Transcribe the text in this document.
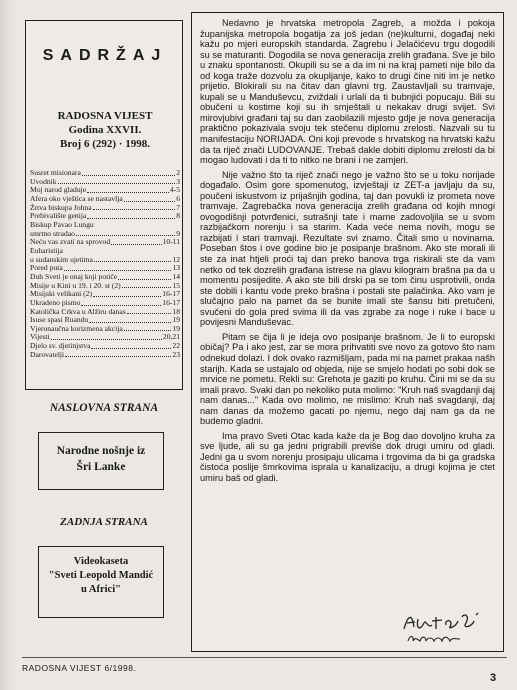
SADRŽAJ
RADOSNA VIJEST
Godina XXVII.
Broj 6 (292) · 1998.
Susret misionara	2
Uvodnik	3
Moj narod gladuje	4-5
Afera oko vještica se nastavlja	6
Žrtva biskupa Johna	7
Prebivalište genija	8
Biskup Pavao Lungu
smrtno stradao	9
Neću vas zvati na sprovod	10-11
Euharistija
u sudanskim ujetima	12
Pored puta	13
Duh Sveti je onaj koji potiče	14
Misije u Kini u 19. i 20. st (2)	15
Misijski velikani (2)	16-17
Ukradeno pismo	16-17
Katolička Crkva u Alžiru danas	18
Isuse spasi Ruandu	19
Vjeronaučna korizmena akcija	19
Vijesti	20,21
Djelo sv. djetinjstva	22
Darovatelji	23
NASLOVNA STRANA
Narodne nošnje iz
Šri Lanke
ZADNJA STRANA
Videokaseta
"Sveti Leopold Mandić
u Africi"

Nedavno je hrvatska metropola Zagreb, a možda i pokoja županijska metropola bogatija za još jedan (ne)kulturni, događaj neki kažu po mjeri europskih standarda. Zagrebu i Jelačićevu trgu dogodili su se maturanti. Dogodila se nova generacija zrelih građana. Sve je bilo u znaku spontanosti. Okupili su se a da im ni na kraj pameti nije bilo da od koga traže dozvolu za okupljanje, kako to drugi čine niti im je netko prijetio. Blokirali su na čitav dan glavni trg. Zaustavljali su tramvaje, kupali se u Manduševcu, zviždali i urlali da ti bubnjići popucaju. Bili su obučeni u kostime koji su ih smještali u nekakav drugi svijet. Svi mirovjubivi građani taj su dan zaobilazili mjesto gdje je nova generacija praktično pokazivala svoju tek stečenu diplomu zrelosti. Nazvali su tu manifestaciju NORIJADA. Oni koji prevode s hrvatskog na hrvatski kažu da ta riječ znači LUDOVANJE. Trebaš dakle dobiti diplomu zrelosti da bi mogao ludovati i da ti to nitko ne brani i ne zamjeri.

Nije važno što ta riječ znači nego je važno što se u toku norijade događalo. Osim gore spomenutog, izvještaji iz ZET-a javljaju da su, poučeni iskustvom iz prijašnjih godina, taj dan povukli iz prometa nove tramvaje. Zagrebačka nova generacija zrelih građana od kojih mnogi ovogodišnji potvrđenici, sutrašnji tate i mame zadovoljila se u svom razbijačkom norenju i sa starim. Kada veće nema novih, mogu se razbijati i stari tramvaji. Rezultate svi znamo. Čitali smo u novinama. Poseban štos i ove godine bio je posipanje brašnom. Ako ste morali ili ste za inat htjeli proći taj dan preko banova trga riskirali ste da vam netko od tek dozrelih građana istrese na glavu kilogram brašna pa da u momentu posijedite. A ako ste bili drski pa se tom činu usprotivili, onda ste dobili i kantu vode preko brašna i postali ste palačinka. Ako vam je slučajno palo na pamet da se bunite imali ste šansu biti pretučeni, svučeni do gola pred svima ili da vas zgrabe za noge i ruke i bace u povijesni Manduševac.

Pitam se čija li je ideja ovo posipanje brašnom. Je li to europski običaj? Pa i ako jest, zar se mora prihvatiti sve novo za gotovo što nam odnekud dolazi. I dok ovako razmišljam, pada mi na pamet prakaa našh starijh. Kada se ustajalo od objeda, nije se smjelo hodati po sobi dok se mrvice ne pometu. Rekli su: Grehota je gaziti po kruhu. Čini mi se da su imali pravo. Svaki dan po nekoliko puta molimo: "Kruh naš svagdanji daj nam danas..." Kada ovo molimo, ne mislimo: Kruh naš svagdanji, daj nam danas da možemo gacati po njemu, nego daj nam ga da ne budemo gladni.

Ima pravo Sveti Otac kada kaže da je Bog dao dovoljno kruha za sve ljude, ali su ga jedni prigrabili previše dok drugi umiru od gladi. Jedni ga u svom norenju prosipaju ulicama i trgovima da bi ga gradska čistoća poslije šmrkovima isprala u kanalizaciju, a drugi kojima je ctet umiru baš od gladi.

RADOSNA VIJEST 6/1998.
3
